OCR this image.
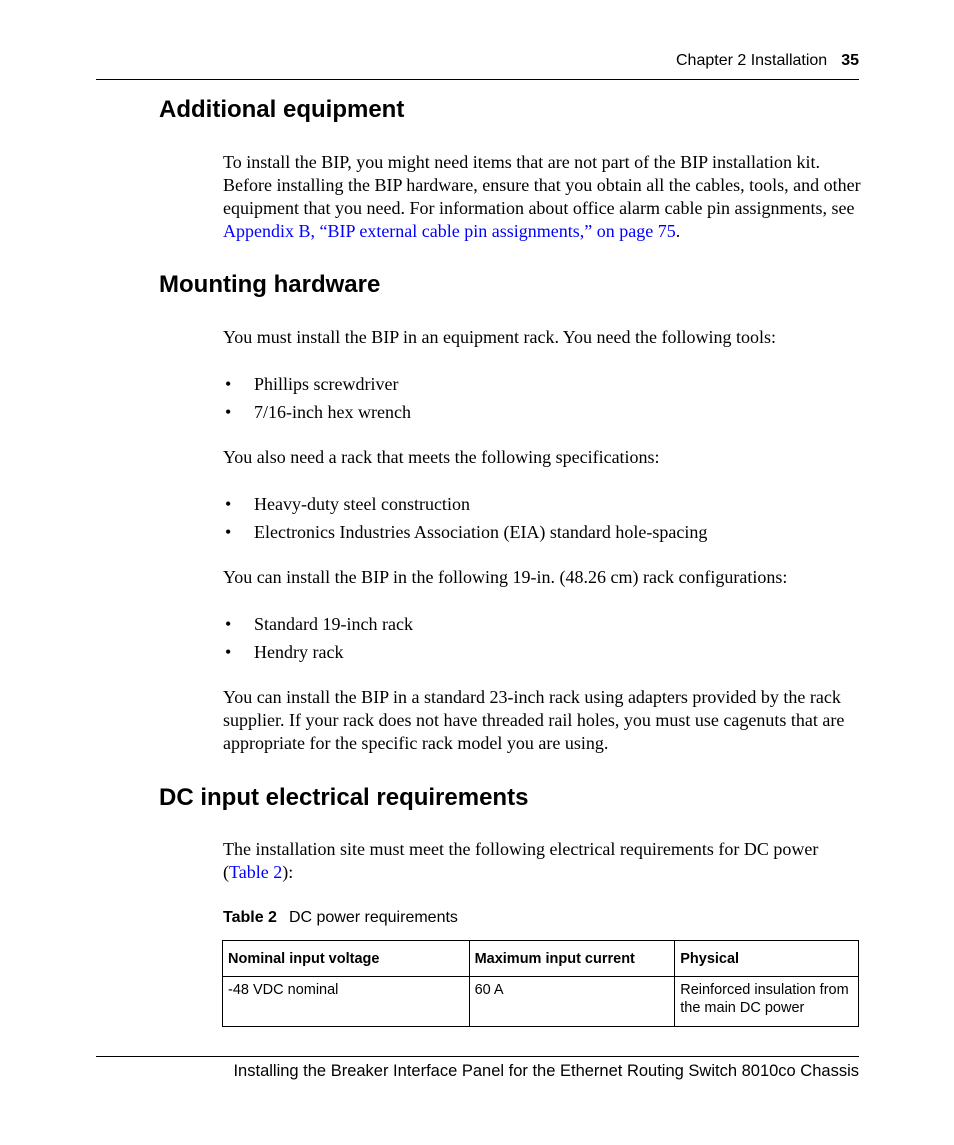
Chapter 2 Installation 35
Additional equipment

To install the BIP, you might need items that are not part of the BIP installation kit. Before installing the BIP hardware, ensure that you obtain all the cables, tools, and other equipment that you need. For information about office alarm cable pin assignments, see Appendix B, “BIP external cable pin assignments,” on page 75.

Mounting hardware

You must install the BIP in an equipment rack. You need the following tools:

• Phillips screwdriver
• 7/16-inch hex wrench

You also need a rack that meets the following specifications:

• Heavy-duty steel construction
• Electronics Industries Association (EIA) standard hole-spacing

You can install the BIP in the following 19-in. (48.26 cm) rack configurations:

• Standard 19-inch rack
• Hendry rack

You can install the BIP in a standard 23-inch rack using adapters provided by the rack supplier. If your rack does not have threaded rail holes, you must use cagenuts that are appropriate for the specific rack model you are using.

DC input electrical requirements

The installation site must meet the following electrical requirements for DC power (Table 2):

Table 2 DC power requirements
Nominal input voltage	Maximum input current	Physical
-48 VDC nominal	60 A	Reinforced insulation from the main DC power
Installing the Breaker Interface Panel for the Ethernet Routing Switch 8010co Chassis
